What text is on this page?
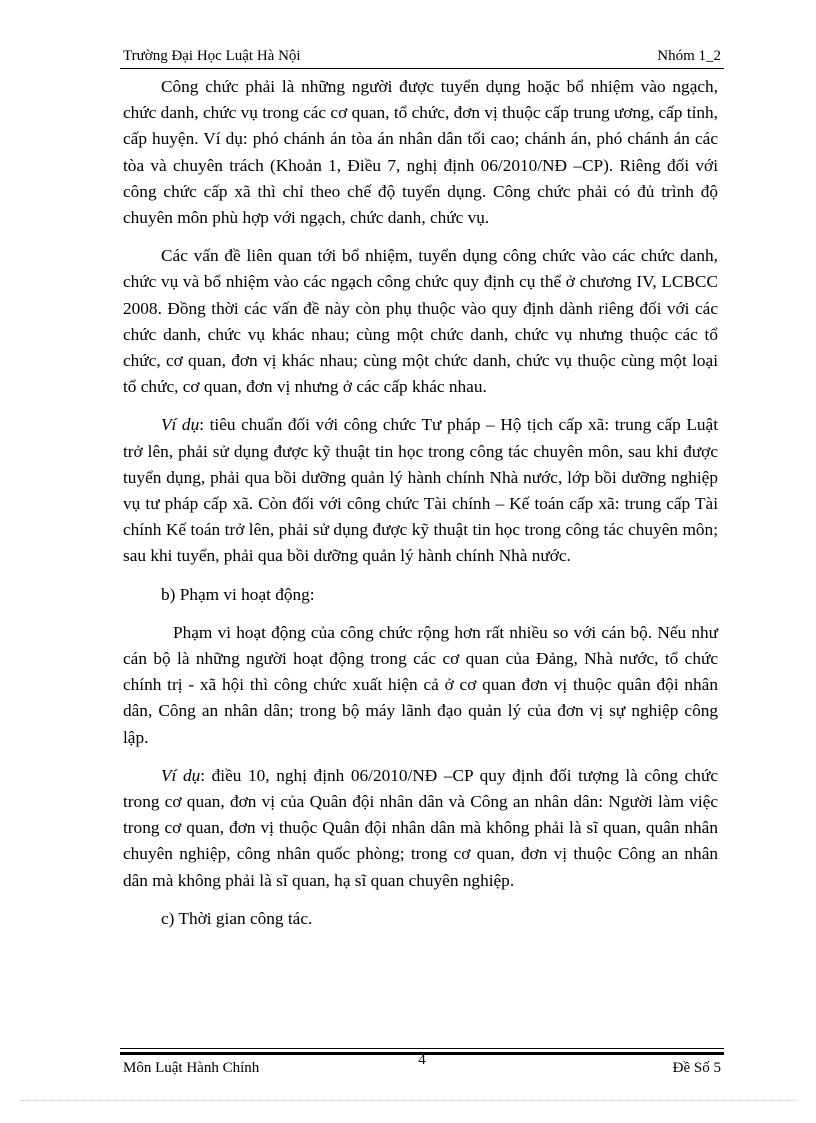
Trường Đại Học Luật Hà Nội	Nhóm 1_2

Công chức phải là những người được tuyển dụng hoặc bổ nhiệm vào ngạch, chức danh, chức vụ trong các cơ quan, tổ chức, đơn vị thuộc cấp trung ương, cấp tỉnh, cấp huyện. Ví dụ: phó chánh án tòa án nhân dân tối cao; chánh án, phó chánh án các tòa và chuyên trách (Khoản 1, Điều 7, nghị định 06/2010/NĐ –CP). Riêng đối với công chức cấp xã thì chỉ theo chế độ tuyển dụng. Công chức phải có đủ trình độ chuyên môn phù hợp với ngạch, chức danh, chức vụ.

Các vấn đề liên quan tới bổ nhiệm, tuyển dụng công chức vào các chức danh, chức vụ và bổ nhiệm vào các ngạch công chức quy định cụ thể ở chương IV, LCBCC 2008. Đồng thời các vấn đề này còn phụ thuộc vào quy định dành riêng đối với các chức danh, chức vụ khác nhau; cùng một chức danh, chức vụ nhưng thuộc các tổ chức, cơ quan, đơn vị khác nhau; cùng một chức danh, chức vụ thuộc cùng một loại tổ chức, cơ quan, đơn vị nhưng ở các cấp khác nhau.

Ví dụ: tiêu chuẩn đối với công chức Tư pháp – Hộ tịch cấp xã: trung cấp Luật trở lên, phải sử dụng được kỹ thuật tin học trong công tác chuyên môn, sau khi được tuyển dụng, phải qua bồi dưỡng quản lý hành chính Nhà nước, lớp bồi dưỡng nghiệp vụ tư pháp cấp xã. Còn đối với công chức Tài chính – Kế toán cấp xã: trung cấp Tài chính Kế toán trở lên, phải sử dụng được kỹ thuật tin học trong công tác chuyên môn; sau khi tuyển, phải qua bồi dưỡng quản lý hành chính Nhà nước.

b) Phạm vi hoạt động:

Phạm vi hoạt động của công chức rộng hơn rất nhiều so với cán bộ. Nếu như cán bộ là những người hoạt động trong các cơ quan của Đảng, Nhà nước, tổ chức chính trị - xã hội thì công chức xuất hiện cả ở cơ quan đơn vị thuộc quân đội nhân dân, Công an nhân dân; trong bộ máy lãnh đạo quản lý của đơn vị sự nghiệp công lập.

Ví dụ: điều 10, nghị định 06/2010/NĐ –CP quy định đối tượng là công chức trong cơ quan, đơn vị của Quân đội nhân dân và Công an nhân dân: Người làm việc trong cơ quan, đơn vị thuộc Quân đội nhân dân mà không phải là sĩ quan, quân nhân chuyên nghiệp, công nhân quốc phòng; trong cơ quan, đơn vị thuộc Công an nhân dân mà không phải là sĩ quan, hạ sĩ quan chuyên nghiệp.

c) Thời gian công tác.

4
Môn Luật Hành Chính	Đề Số 5
